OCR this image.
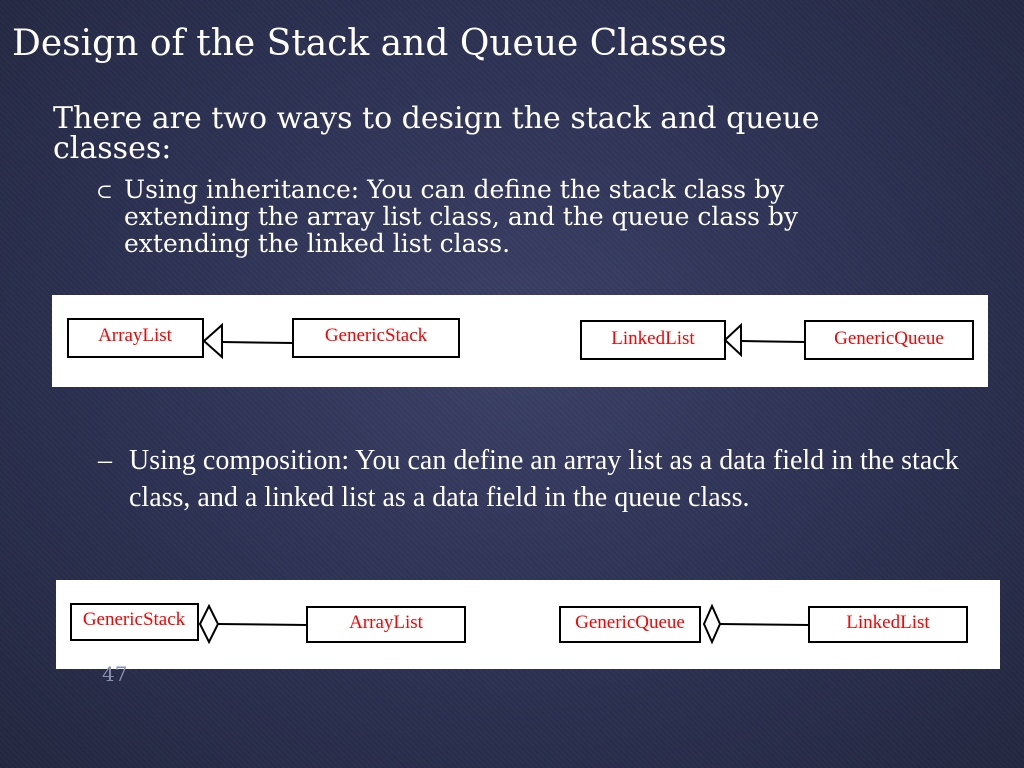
Design of the Stack and Queue Classes
There are two ways to design the stack and queue classes:
⊂ Using inheritance: You can define the stack class by extending the array list class, and the queue class by extending the linked list class.
ArrayList	GenericStack	LinkedList	GenericQueue
– Using composition: You can define an array list as a data field in the stack class, and a linked list as a data field in the queue class.
GenericStack	ArrayList	GenericQueue	LinkedList
47
